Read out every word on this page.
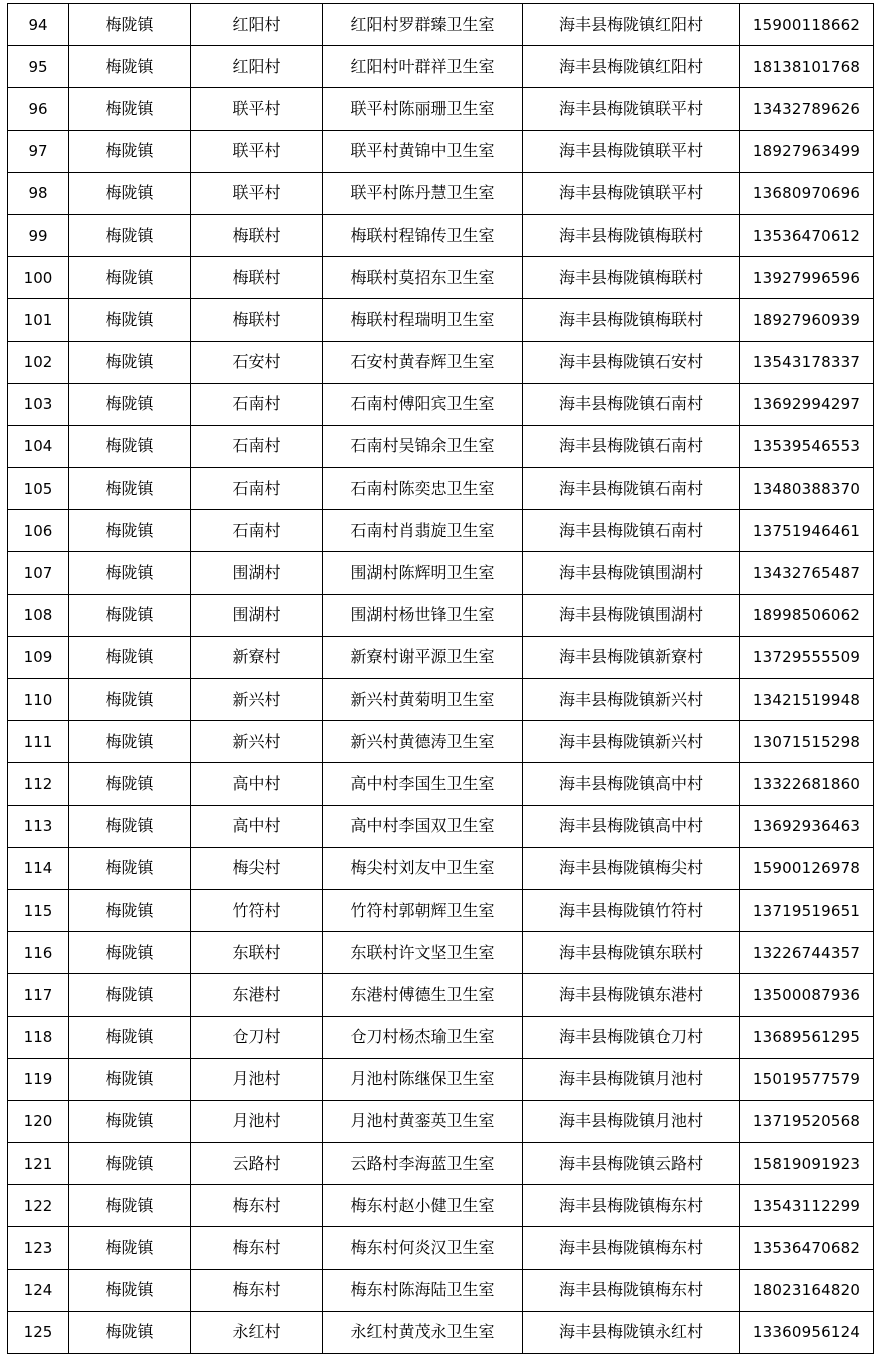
94	梅陇镇	红阳村	红阳村罗群臻卫生室	海丰县梅陇镇红阳村	15900118662
95	梅陇镇	红阳村	红阳村叶群祥卫生室	海丰县梅陇镇红阳村	18138101768
96	梅陇镇	联平村	联平村陈丽珊卫生室	海丰县梅陇镇联平村	13432789626
97	梅陇镇	联平村	联平村黄锦中卫生室	海丰县梅陇镇联平村	18927963499
98	梅陇镇	联平村	联平村陈丹慧卫生室	海丰县梅陇镇联平村	13680970696
99	梅陇镇	梅联村	梅联村程锦传卫生室	海丰县梅陇镇梅联村	13536470612
100	梅陇镇	梅联村	梅联村莫招东卫生室	海丰县梅陇镇梅联村	13927996596
101	梅陇镇	梅联村	梅联村程瑞明卫生室	海丰县梅陇镇梅联村	18927960939
102	梅陇镇	石安村	石安村黄春辉卫生室	海丰县梅陇镇石安村	13543178337
103	梅陇镇	石南村	石南村傅阳宾卫生室	海丰县梅陇镇石南村	13692994297
104	梅陇镇	石南村	石南村吴锦余卫生室	海丰县梅陇镇石南村	13539546553
105	梅陇镇	石南村	石南村陈奕忠卫生室	海丰县梅陇镇石南村	13480388370
106	梅陇镇	石南村	石南村肖翡旋卫生室	海丰县梅陇镇石南村	13751946461
107	梅陇镇	围湖村	围湖村陈辉明卫生室	海丰县梅陇镇围湖村	13432765487
108	梅陇镇	围湖村	围湖村杨世锋卫生室	海丰县梅陇镇围湖村	18998506062
109	梅陇镇	新寮村	新寮村谢平源卫生室	海丰县梅陇镇新寮村	13729555509
110	梅陇镇	新兴村	新兴村黄菊明卫生室	海丰县梅陇镇新兴村	13421519948
111	梅陇镇	新兴村	新兴村黄德涛卫生室	海丰县梅陇镇新兴村	13071515298
112	梅陇镇	高中村	高中村李国生卫生室	海丰县梅陇镇高中村	13322681860
113	梅陇镇	高中村	高中村李国双卫生室	海丰县梅陇镇高中村	13692936463
114	梅陇镇	梅尖村	梅尖村刘友中卫生室	海丰县梅陇镇梅尖村	15900126978
115	梅陇镇	竹符村	竹符村郭朝辉卫生室	海丰县梅陇镇竹符村	13719519651
116	梅陇镇	东联村	东联村许文坚卫生室	海丰县梅陇镇东联村	13226744357
117	梅陇镇	东港村	东港村傅德生卫生室	海丰县梅陇镇东港村	13500087936
118	梅陇镇	仓刀村	仓刀村杨杰瑜卫生室	海丰县梅陇镇仓刀村	13689561295
119	梅陇镇	月池村	月池村陈继保卫生室	海丰县梅陇镇月池村	15019577579
120	梅陇镇	月池村	月池村黄銮英卫生室	海丰县梅陇镇月池村	13719520568
121	梅陇镇	云路村	云路村李海蓝卫生室	海丰县梅陇镇云路村	15819091923
122	梅陇镇	梅东村	梅东村赵小健卫生室	海丰县梅陇镇梅东村	13543112299
123	梅陇镇	梅东村	梅东村何炎汉卫生室	海丰县梅陇镇梅东村	13536470682
124	梅陇镇	梅东村	梅东村陈海陆卫生室	海丰县梅陇镇梅东村	18023164820
125	梅陇镇	永红村	永红村黄茂永卫生室	海丰县梅陇镇永红村	13360956124
